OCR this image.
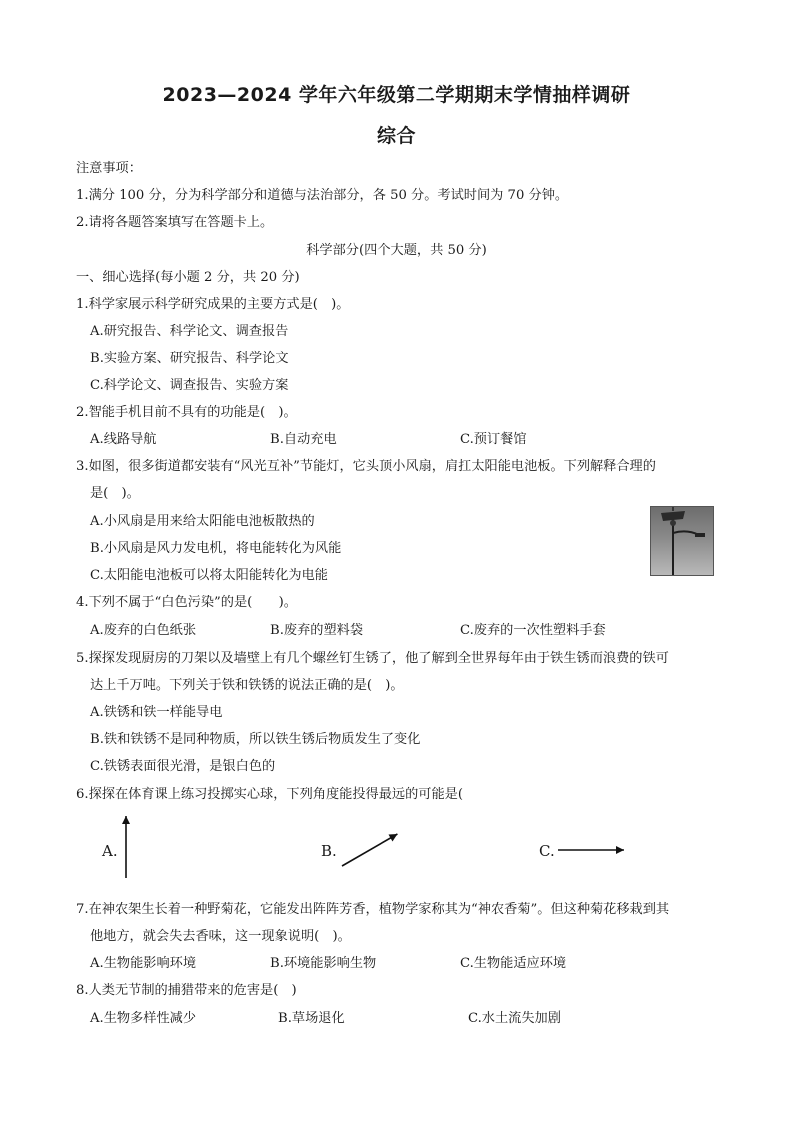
2023—2024 学年六年级第二学期期末学情抽样调研
综合
注意事项：
1.满分 100 分，分为科学部分和道德与法治部分，各 50 分。考试时间为 70 分钟。
2.请将各题答案填写在答题卡上。
科学部分(四个大题，共 50 分)
一、细心选择(每小题 2 分，共 20 分)
1.科学家展示科学研究成果的主要方式是(　)。
A.研究报告、科学论文、调查报告
B.实验方案、研究报告、科学论文
C.科学论文、调查报告、实验方案
2.智能手机目前不具有的功能是(　)。
A.线路导航	B.自动充电	C.预订餐馆
3.如图，很多街道都安装有“风光互补”节能灯，它头顶小风扇，肩扛太阳能电池板。下列解释合理的
是(　)。
A.小风扇是用来给太阳能电池板散热的
B.小风扇是风力发电机，将电能转化为风能
C.太阳能电池板可以将太阳能转化为电能
4.下列不属于“白色污染”的是(　　)。
A.废弃的白色纸张	B.废弃的塑料袋	C.废弃的一次性塑料手套
5.探探发现厨房的刀架以及墙壁上有几个螺丝钉生锈了，他了解到全世界每年由于铁生锈而浪费的铁可
达上千万吨。下列关于铁和铁锈的说法正确的是(　)。
A.铁锈和铁一样能导电
B.铁和铁锈不是同种物质，所以铁生锈后物质发生了变化
C.铁锈表面很光滑，是银白色的
6.探探在体育课上练习投掷实心球，下列角度能投得最远的可能是(
A.	B.	C.
7.在神农架生长着一种野菊花，它能发出阵阵芳香，植物学家称其为“神农香菊”。但这种菊花移栽到其
他地方，就会失去香味，这一现象说明(　)。
A.生物能影响环境	B.环境能影响生物	C.生物能适应环境
8.人类无节制的捕猎带来的危害是(　)
A.生物多样性减少	B.草场退化	C.水土流失加剧
